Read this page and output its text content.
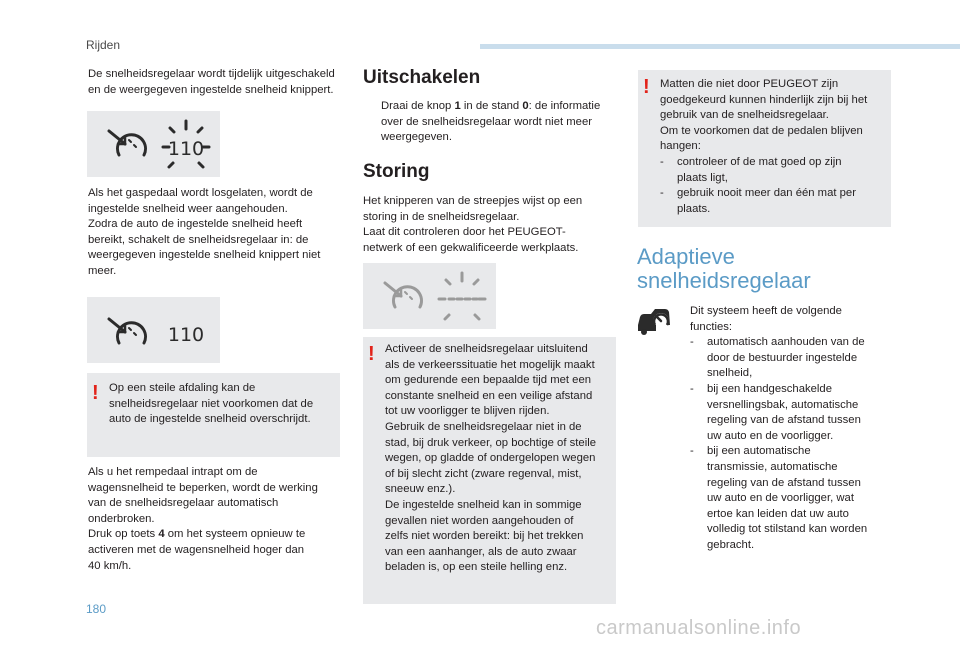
Rijden
De snelheidsregelaar wordt tijdelijk uitgeschakeld
en de weergegeven ingestelde snelheid knippert.
110
Als het gaspedaal wordt losgelaten, wordt de
ingestelde snelheid weer aangehouden.
Zodra de auto de ingestelde snelheid heeft
bereikt, schakelt de snelheidsregelaar in: de
weergegeven ingestelde snelheid knippert niet
meer.
110
! Op een steile afdaling kan de
snelheidsregelaar niet voorkomen dat de
auto de ingestelde snelheid overschrijdt.
Als u het rempedaal intrapt om de
wagensnelheid te beperken, wordt de werking
van de snelheidsregelaar automatisch
onderbroken.
Druk op toets 4 om het systeem opnieuw te
activeren met de wagensnelheid hoger dan
40 km/h.
Uitschakelen
Draai de knop 1 in de stand 0: de informatie
over de snelheidsregelaar wordt niet meer
weergegeven.
Storing
Het knipperen van de streepjes wijst op een
storing in de snelheidsregelaar.
Laat dit controleren door het PEUGEOT-
netwerk of een gekwalificeerde werkplaats.
! Activeer de snelheidsregelaar uitsluitend
als de verkeerssituatie het mogelijk maakt
om gedurende een bepaalde tijd met een
constante snelheid en een veilige afstand
tot uw voorligger te blijven rijden.
Gebruik de snelheidsregelaar niet in de
stad, bij druk verkeer, op bochtige of steile
wegen, op gladde of ondergelopen wegen
of bij slecht zicht (zware regenval, mist,
sneeuw enz.).
De ingestelde snelheid kan in sommige
gevallen niet worden aangehouden of
zelfs niet worden bereikt: bij het trekken
van een aanhanger, als de auto zwaar
beladen is, op een steile helling enz.
! Matten die niet door PEUGEOT zijn
goedgekeurd kunnen hinderlijk zijn bij het
gebruik van de snelheidsregelaar.
Om te voorkomen dat de pedalen blijven
hangen:
- controleer of de mat goed op zijn
plaats ligt,
- gebruik nooit meer dan één mat per
plaats.
Adaptieve
snelheidsregelaar
Dit systeem heeft de volgende
functies:
- automatisch aanhouden van de
door de bestuurder ingestelde
snelheid,
- bij een handgeschakelde
versnellingsbak, automatische
regeling van de afstand tussen
uw auto en de voorligger.
- bij een automatische
transmissie, automatische
regeling van de afstand tussen
uw auto en de voorligger, wat
ertoe kan leiden dat uw auto
volledig tot stilstand kan worden
gebracht.
180
carmanualsonline.info
